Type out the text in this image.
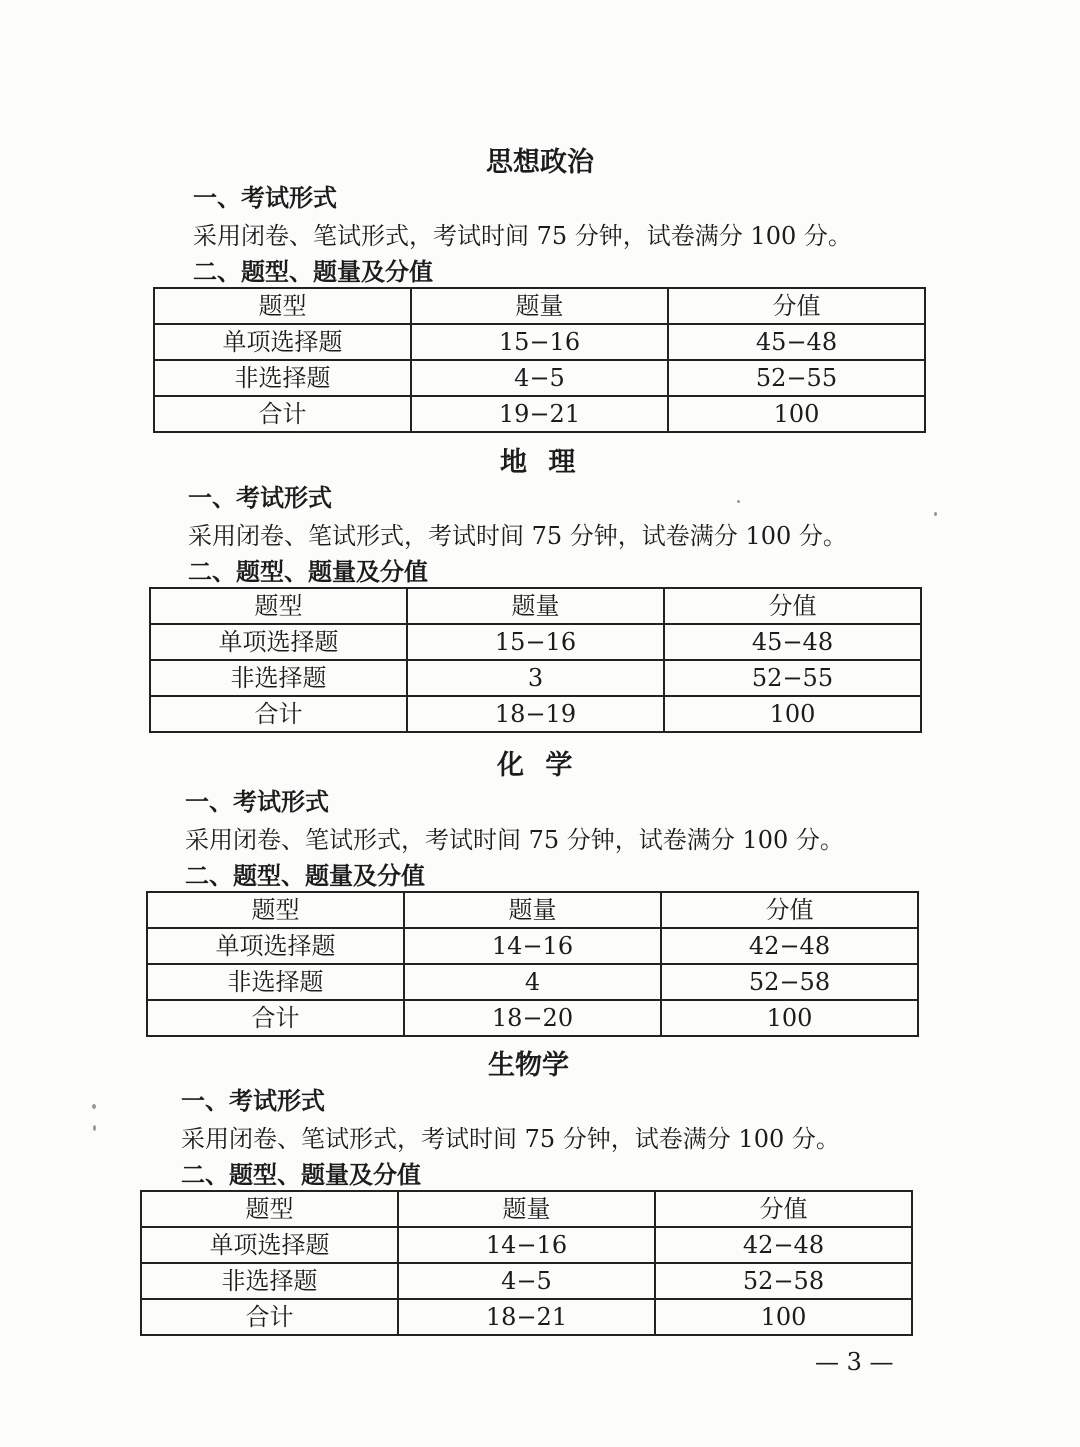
思想政治
一、考试形式
采用闭卷、笔试形式，考试时间 75 分钟，试卷满分 100 分。
二、题型、题量及分值
题型	题量	分值
单项选择题	15−16	45−48
非选择题	4−5	52−55
合计	19−21	100
地 理
一、考试形式
采用闭卷、笔试形式，考试时间 75 分钟，试卷满分 100 分。
二、题型、题量及分值
题型	题量	分值
单项选择题	15−16	45−48
非选择题	3	52−55
合计	18−19	100
化 学
一、考试形式
采用闭卷、笔试形式，考试时间 75 分钟，试卷满分 100 分。
二、题型、题量及分值
题型	题量	分值
单项选择题	14−16	42−48
非选择题	4	52−58
合计	18−20	100
生物学
一、考试形式
采用闭卷、笔试形式，考试时间 75 分钟，试卷满分 100 分。
二、题型、题量及分值
题型	题量	分值
单项选择题	14−16	42−48
非选择题	4−5	52−58
合计	18−21	100
— 3 —
